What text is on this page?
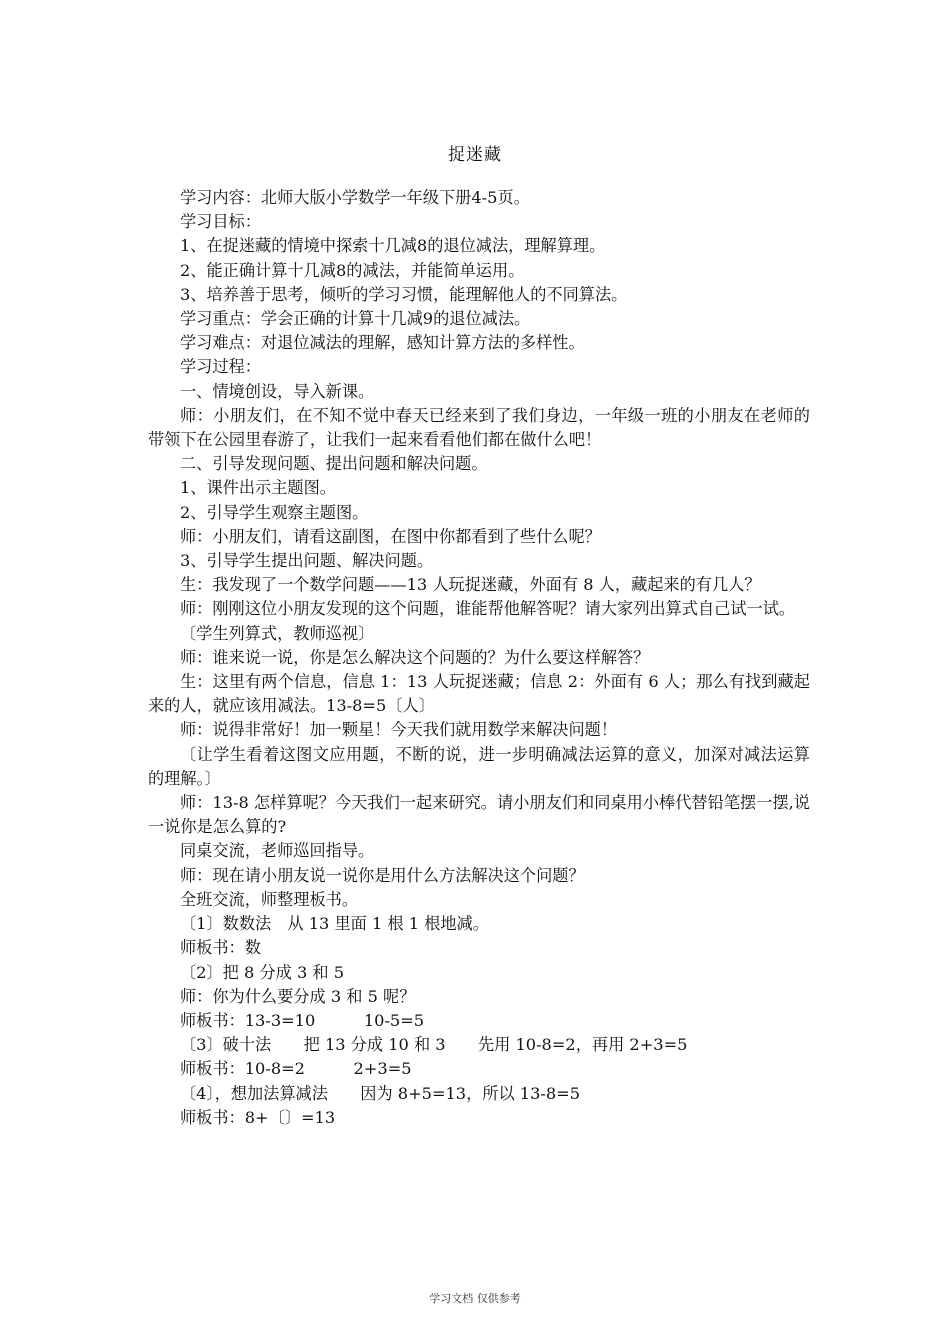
捉迷藏

学习内容：北师大版小学数学一年级下册4-5页。

学习目标：

1、在捉迷藏的情境中探索十几减8的退位减法，理解算理。

2、能正确计算十几减8的减法，并能简单运用。

3、培养善于思考，倾听的学习习惯，能理解他人的不同算法。

学习重点：学会正确的计算十几减9的退位减法。

学习难点：对退位减法的理解，感知计算方法的多样性。

学习过程：

一、情境创设，导入新课。

师：小朋友们，在不知不觉中春天已经来到了我们身边，一年级一班的小朋友在老师的带领下在公园里春游了，让我们一起来看看他们都在做什么吧！

二、引导发现问题、提出问题和解决问题。

1、课件出示主题图。

2、引导学生观察主题图。

师：小朋友们，请看这副图，在图中你都看到了些什么呢？

3、引导学生提出问题、解决问题。

生：我发现了一个数学问题——13 人玩捉迷藏，外面有 8 人，藏起来的有几人？

师：刚刚这位小朋友发现的这个问题，谁能帮他解答呢？请大家列出算式自己试一试。

〔学生列算式，教师巡视〕

师：谁来说一说，你是怎么解决这个问题的？为什么要这样解答？

生：这里有两个信息，信息 1：13 人玩捉迷藏；信息 2：外面有 6 人；那么有找到藏起来的人，就应该用减法。13-8=5〔人〕

师：说得非常好！加一颗星！今天我们就用数学来解决问题！

〔让学生看着这图文应用题，不断的说，进一步明确减法运算的意义，加深对减法运算的理解。〕

师：13-8 怎样算呢？今天我们一起来研究。请小朋友们和同桌用小棒代替铅笔摆一摆,说一说你是怎么算的?

同桌交流，老师巡回指导。

师：现在请小朋友说一说你是用什么方法解决这个问题？

全班交流，师整理板书。

〔1〕数数法　从 13 里面 1 根 1 根地减。

师板书：数

〔2〕把 8 分成 3 和 5

师：你为什么要分成 3 和 5 呢？

师板书：13-3=10　　　10-5=5

〔3〕破十法　　把 13 分成 10 和 3　　先用 10-8=2，再用 2+3=5

师板书：10-8=2　　　2+3=5

〔4〕，想加法算减法　　因为 8+5=13，所以 13-8=5

师板书：8+〔〕=13

学习文档 仅供参考
